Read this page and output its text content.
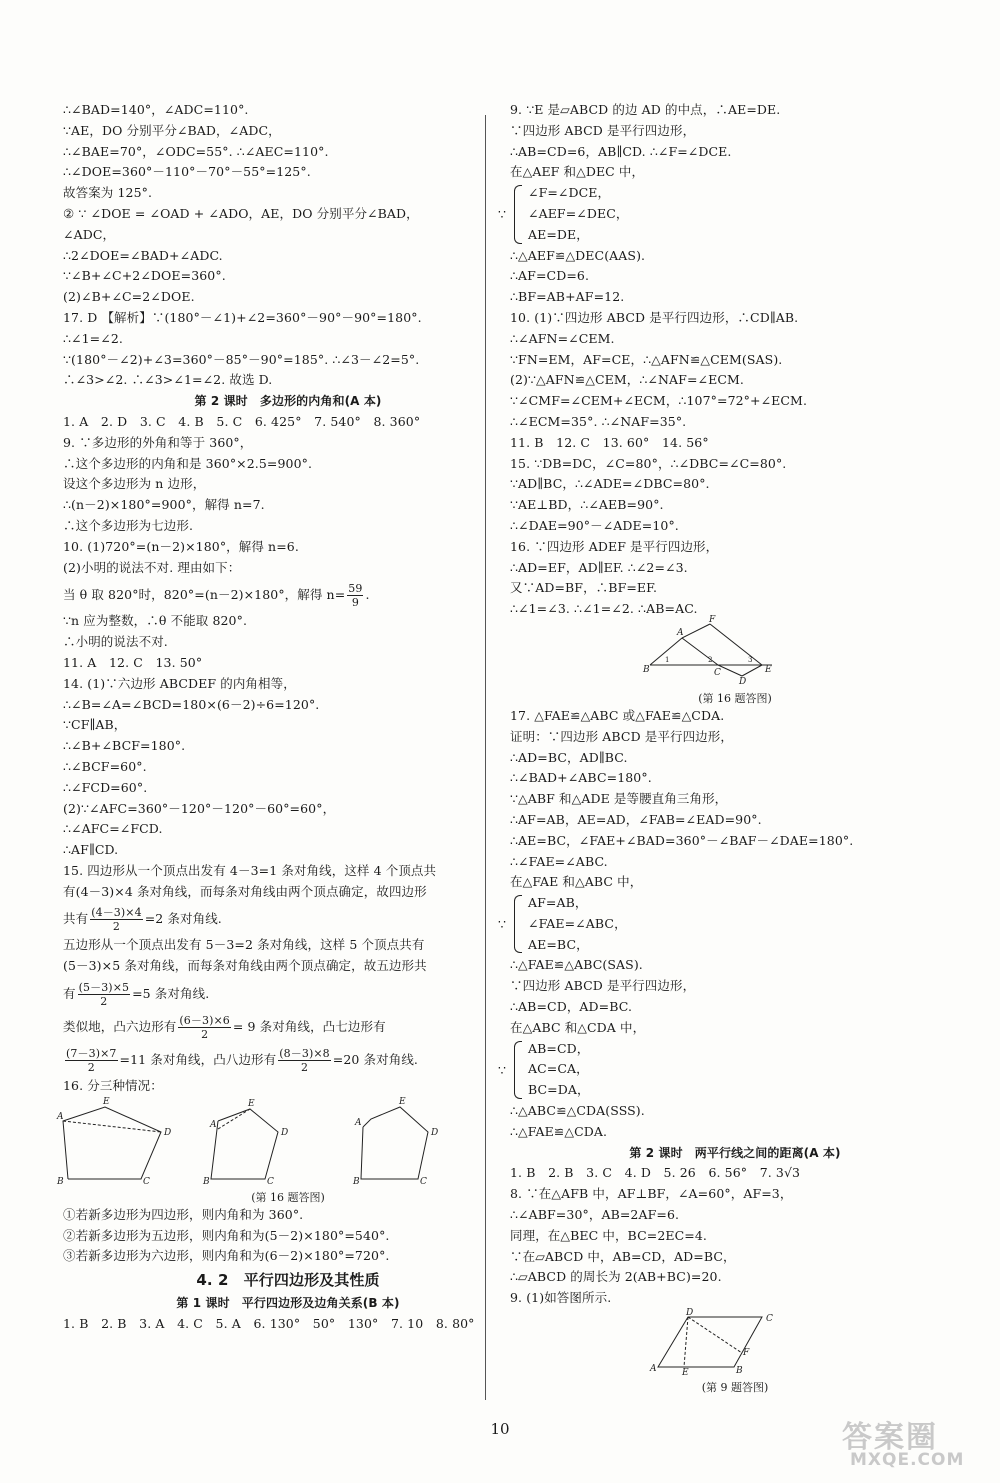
∴∠BAD=140°，∠ADC=110°.
∵AE，DO 分别平分∠BAD，∠ADC，
∴∠BAE=70°，∠ODC=55°. ∴∠AEC=110°.
∴∠DOE=360°－110°－70°－55°=125°.
故答案为 125°.
② ∵ ∠DOE = ∠OAD + ∠ADO，AE，DO 分别平分∠BAD，
∠ADC，
∴2∠DOE=∠BAD+∠ADC.
∵∠B+∠C+2∠DOE=360°.
(2)∠B+∠C=2∠DOE.
17. D 【解析】∵(180°－∠1)+∠2=360°－90°－90°=180°.
∴∠1=∠2.
∵(180°－∠2)+∠3=360°－85°－90°=185°. ∴∠3－∠2=5°.
∴∠3>∠2. ∴∠3>∠1=∠2. 故选 D.
第 2 课时　多边形的内角和(A 本)
1. A　2. D　3. C　4. B　5. C　6. 425°　7. 540°　8. 360°
9. ∵多边形的外角和等于 360°，
∴这个多边形的内角和是 360°×2.5=900°.
设这个多边形为 n 边形，
∴(n－2)×180°=900°，解得 n=7.
∴这个多边形为七边形.
10. (1)720°=(n－2)×180°，解得 n=6.
(2)小明的说法不对. 理由如下：
当 θ 取 820°时，820°=(n－2)×180°，解得 $n= \frac{59}{9}$ .
∵n 应为整数，∴θ 不能取 820°.
∴小明的说法不对.
11. A　12. C　13. 50°
14. (1)∵六边形 ABCDEF 的内角相等，
∴∠B=∠A=∠BCD=180×(6－2)÷6=120°.
∵CF∥AB，
∴∠B+∠BCF=180°.
∴∠BCF=60°.
∴∠FCD=60°.
(2)∵∠AFC=360°－120°－120°－60°=60°，
∴∠AFC=∠FCD.
∴AF∥CD.
15. 四边形从一个顶点出发有 4－3=1 条对角线，这样 4 个顶点共
有(4－3)×4 条对角线，而每条对角线由两个顶点确定，故四边形
共有 $\frac{(4-3)\times 4}{2} =2$ 条对角线.
五边形从一个顶点出发有 5－3=2 条对角线，这样 5 个顶点共有
(5－3)×5 条对角线，而每条对角线由两个顶点确定，故五边形共
有 $\frac{(5-3)\times 5}{2} =5$ 条对角线.
类似地，凸六边形有 $\frac{(6-3)\times 6}{2} = 9$ 条对角线，凸七边形有
$\frac{(7-3)\times 7}{2} =11$ 条对角线，凸八边形有 $\frac{(8-3)\times 8}{2} =20$ 条对角线.
16. 分三种情况：
A
E
D
B	C
A
E
D
B	C
A
E
D
B	C
(第 16 题答图)
①若新多边形为四边形，则内角和为 360°.
②若新多边形为五边形，则内角和为(5－2)×180°=540°.
③若新多边形为六边形，则内角和为(6－2)×180°=720°.
4. 2　平行四边形及其性质
第 1 课时　平行四边形及边角关系(B 本)
1. B　2. B　3. A　4. C　5. A　6. 130°　50°　130°　7. 10　8. 80°
9. ∵E 是▱ABCD 的边 AD 的中点，∴AE=DE.
∵四边形 ABCD 是平行四边形，
∴AB=CD=6，AB∥CD. ∴∠F=∠DCE.
在△AEF 和△DEC 中，
∵
∠F=∠DCE，
∠AEF=∠DEC，
AE=DE，
∴△AEF≌△DEC(AAS).
∴AF=CD=6.
∴BF=AB+AF=12.
10. (1)∵四边形 ABCD 是平行四边形，∴CD∥AB.
∴∠AFN=∠CEM.
∵FN=EM，AF=CE，∴△AFN≌△CEM(SAS).
(2)∵△AFN≌△CEM，∴∠NAF=∠ECM.
∵∠CMF=∠CEM+∠ECM，∴107°=72°+∠ECM.
∴∠ECM=35°. ∴∠NAF=35°.
11. B　12. C　13. 60°　14. 56°
15. ∵DB=DC，∠C=80°，∴∠DBC=∠C=80°.
∵AD∥BC，∴∠ADE=∠DBC=80°.
∵AE⊥BD，∴∠AEB=90°.
∴∠DAE=90°－∠ADE=10°.
16. ∵四边形 ADEF 是平行四边形，
∴AD=EF，AD∥EF. ∴∠2=∠3.
又∵AD=BF，∴BF=EF.
∴∠1=∠3. ∴∠1=∠2. ∴AB=AC.
B
A
F
C
D
E
1	2	3
(第 16 题答图)
17. △FAE≌△ABC 或△FAE≌△CDA.
证明：∵四边形 ABCD 是平行四边形，
∴AD=BC，AD∥BC.
∴∠BAD+∠ABC=180°.
∵△ABF 和△ADE 是等腰直角三角形，
∴AF=AB，AE=AD，∠FAB=∠EAD=90°.
∴AE=BC，∠FAE+∠BAD=360°－∠BAF－∠DAE=180°.
∴∠FAE=∠ABC.
在△FAE 和△ABC 中，
∵
AF=AB，
∠FAE=∠ABC，
AE=BC，
∴△FAE≌△ABC(SAS).
∵四边形 ABCD 是平行四边形，
∴AB=CD，AD=BC.
在△ABC 和△CDA 中，
∵
AB=CD，
AC=CA，
BC=DA，
∴△ABC≌△CDA(SSS).
∴△FAE≌△CDA.
第 2 课时　两平行线之间的距离(A 本)
1. B　2. B　3. C　4. D　5. 26　6. 56°　7. 3√3
8. ∵在△AFB 中，AF⊥BF，∠A=60°，AF=3，
∴∠ABF=30°，AB=2AF=6.
同理，在△BEC 中，BC=2EC=4.
∵在▱ABCD 中，AB=CD，AD=BC，
∴▱ABCD 的周长为 2(AB+BC)=20.
9. (1)如答图所示.
A
D
C
E	B
F
(第 9 题答图)
10	答案圈
MXQE.COM
